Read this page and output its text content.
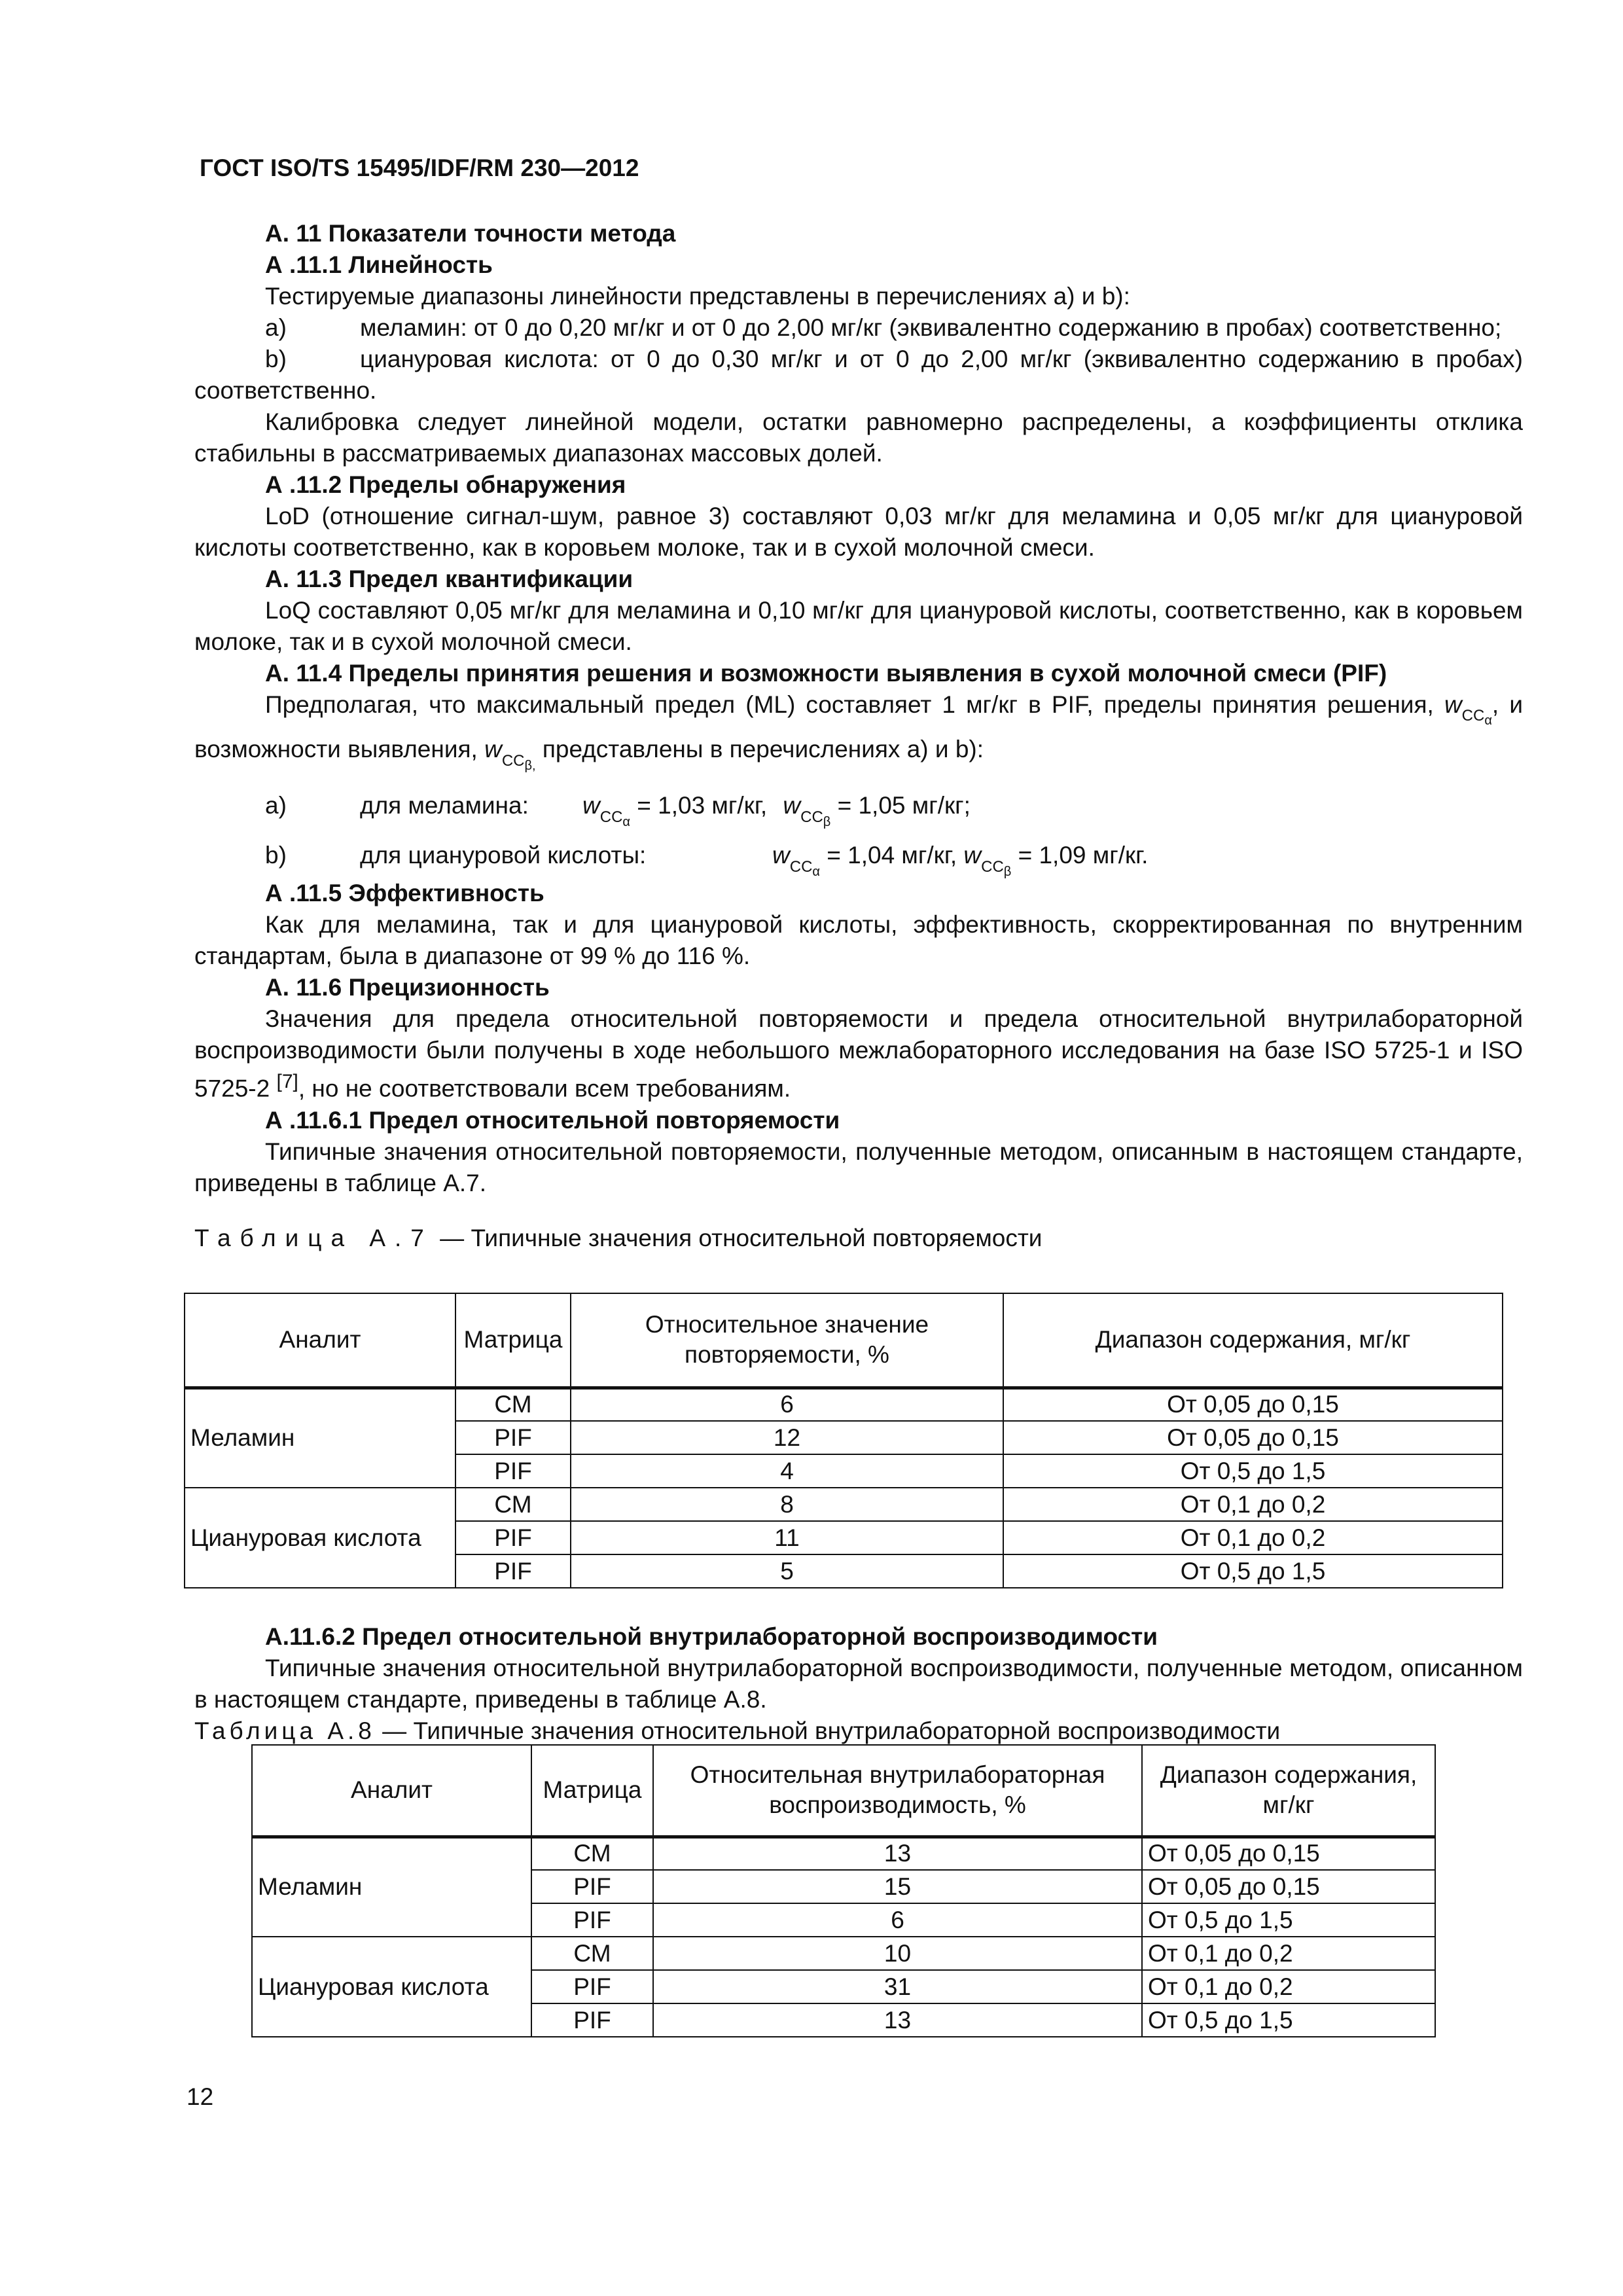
ГОСТ ISO/TS 15495/IDF/RM 230—2012

А. 11 Показатели точности метода

А .11.1 Линейность

Тестируемые диапазоны линейности представлены в перечислениях а) и b):

a)	меламин: от 0 до 0,20 мг/кг и от 0 до 2,00 мг/кг (эквивалентно содержанию в пробах) соответственно;

b)	циануровая кислота: от 0 до 0,30 мг/кг и от 0 до 2,00 мг/кг (эквивалентно содержанию в пробах) соответственно.

Калибровка следует линейной модели, остатки равномерно распределены, а коэффициенты отклика стабильны в рассматриваемых диапазонах массовых долей.

А .11.2 Пределы обнаружения

LoD (отношение сигнал-шум, равное 3) составляют 0,03 мг/кг для меламина и 0,05 мг/кг для циануровой кислоты соответственно, как в коровьем молоке, так и в сухой молочной смеси.

А. 11.3 Предел квантификации

LoQ составляют 0,05 мг/кг для меламина и 0,10 мг/кг для циануровой кислоты, соответственно, как в коровьем молоке, так и в сухой молочной смеси.

А. 11.4 Пределы принятия решения и возможности выявления в сухой молочной смеси (PIF)

Предполагая, что максимальный предел (ML) составляет 1 мг/кг в PIF, пределы принятия решения, $w_{CC_\alpha}$, и возможности выявления, $w_{CC_{\beta,}}$ представлены в перечислениях а) и b):

a)	для меламина:	$w_{CC_\alpha} = 1,03$ мг/кг, $w_{CC_\beta} = 1,05$ мг/кг;
b)	для циануровой кислоты:	$w_{CC_\alpha} = 1,04$ мг/кг, $w_{CC_\beta} = 1,09$ мг/кг.

А .11.5 Эффективность

Как для меламина, так и для циануровой кислоты, эффективность, скорректированная по внутренним стандартам, была в диапазоне от 99 % до 116 %.

А. 11.6 Прецизионность

Значения для предела относительной повторяемости и предела относительной внутрилабораторной воспроизводимости были получены в ходе небольшого межлабораторного исследования на базе ISO 5725-1 и ISO 5725-2 [7], но не соответствовали всем требованиям.

А .11.6.1 Предел относительной повторяемости

Типичные значения относительной повторяемости, полученные методом, описанным в настоящем стандарте, приведены в таблице А.7.

Таблица А.7 — Типичные значения относительной повторяемости

Аналит	Матрица	Относительное значение повторяемости, %	Диапазон содержания, мг/кг
Меламин	СМ	6	От 0,05 до 0,15
	PIF	12	От 0,05 до 0,15
	PIF	4	От 0,5 до 1,5
Циануровая кислота	СМ	8	От 0,1 до 0,2
	PIF	11	От 0,1 до 0,2
	PIF	5	От 0,5 до 1,5

А.11.6.2 Предел относительной внутрилабораторной воспроизводимости

Типичные значения относительной внутрилабораторной воспроизводимости, полученные методом, описанном в настоящем стандарте, приведены в таблице А.8.

Таблица А.8 — Типичные значения относительной внутрилабораторной воспроизводимости

Аналит	Матрица	Относительная внутрилабораторная воспроизводимость, %	Диапазон содержания, мг/кг
Меламин	СМ	13	От 0,05 до 0,15
	PIF	15	От 0,05 до 0,15
	PIF	6	От 0,5 до 1,5
Циануровая кислота	СМ	10	От 0,1 до 0,2
	PIF	31	От 0,1 до 0,2
	PIF	13	От 0,5 до 1,5
12
